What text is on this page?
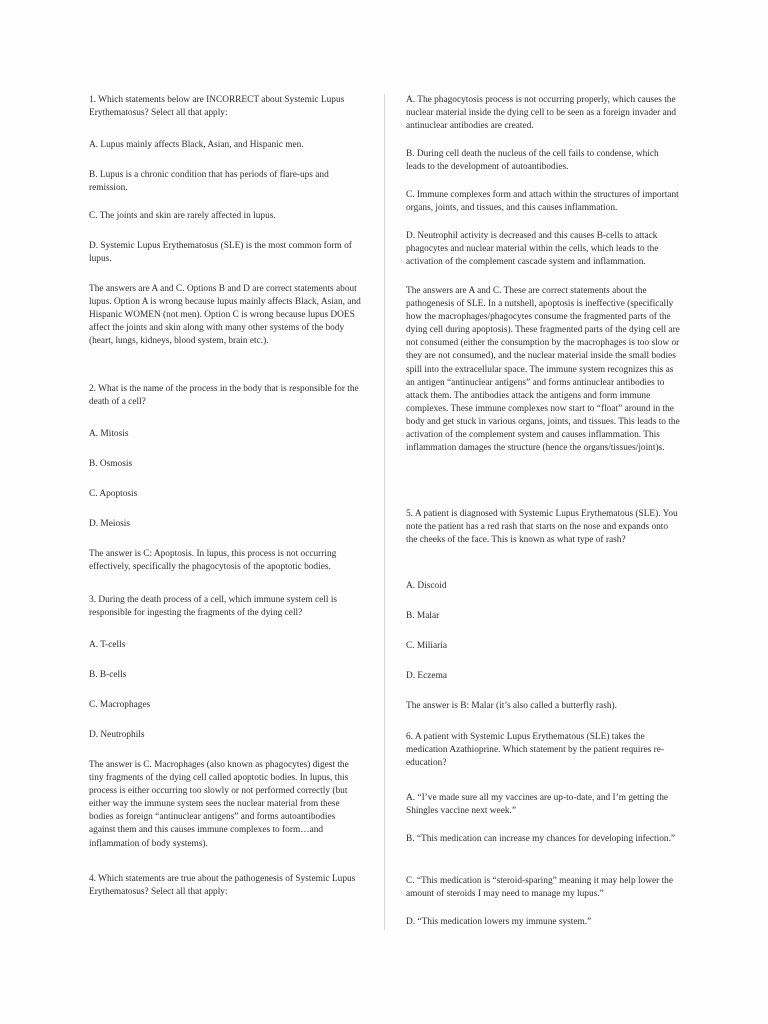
1. Which statements below are INCORRECT about Systemic Lupus Erythematosus? Select all that apply:

A. Lupus mainly affects Black, Asian, and Hispanic men.

B. Lupus is a chronic condition that has periods of flare-ups and remission.

C. The joints and skin are rarely affected in lupus.

D. Systemic Lupus Erythematosus (SLE) is the most common form of lupus.

The answers are A and C. Options B and D are correct statements about lupus. Option A is wrong because lupus mainly affects Black, Asian, and Hispanic WOMEN (not men). Option C is wrong because lupus DOES affect the joints and skin along with many other systems of the body (heart, lungs, kidneys, blood system, brain etc.).

2. What is the name of the process in the body that is responsible for the death of a cell?

A. Mitosis

B. Osmosis

C. Apoptosis

D. Meiosis

The answer is C: Apoptosis. In lupus, this process is not occurring effectively, specifically the phagocytosis of the apoptotic bodies.

3. During the death process of a cell, which immune system cell is responsible for ingesting the fragments of the dying cell?

A. T-cells

B. B-cells

C. Macrophages

D. Neutrophils

The answer is C. Macrophages (also known as phagocytes) digest the tiny fragments of the dying cell called apoptotic bodies. In lupus, this process is either occurring too slowly or not performed correctly (but either way the immune system sees the nuclear material from these bodies as foreign “antinuclear antigens” and forms autoantibodies against them and this causes immune complexes to form…and inflammation of body systems).

4. Which statements are true about the pathogenesis of Systemic Lupus Erythematosus? Select all that apply:

A. The phagocytosis process is not occurring properly, which causes the nuclear material inside the dying cell to be seen as a foreign invader and antinuclear antibodies are created.

B. During cell death the nucleus of the cell fails to condense, which leads to the development of autoantibodies.

C. Immune complexes form and attach within the structures of important organs, joints, and tissues, and this causes inflammation.

D. Neutrophil activity is decreased and this causes B-cells to attack phagocytes and nuclear material within the cells, which leads to the activation of the complement cascade system and inflammation.

The answers are A and C. These are correct statements about the pathogenesis of SLE. In a nutshell, apoptosis is ineffective (specifically how the macrophages/phagocytes consume the fragmented parts of the dying cell during apoptosis). These fragmented parts of the dying cell are not consumed (either the consumption by the macrophages is too slow or they are not consumed), and the nuclear material inside the small bodies spill into the extracellular space. The immune system recognizes this as an antigen “antinuclear antigens” and forms antinuclear antibodies to attack them. The antibodies attack the antigens and form immune complexes. These immune complexes now start to “float” around in the body and get stuck in various organs, joints, and tissues. This leads to the activation of the complement system and causes inflammation. This inflammation damages the structure (hence the organs/tissues/joint)s.

5. A patient is diagnosed with Systemic Lupus Erythematous (SLE). You note the patient has a red rash that starts on the nose and expands onto the cheeks of the face. This is known as what type of rash?

A. Discoid

B. Malar

C. Miliaria

D. Eczema

The answer is B: Malar (it’s also called a butterfly rash).

6. A patient with Systemic Lupus Erythematous (SLE) takes the medication Azathioprine. Which statement by the patient requires re-education?

A. “I’ve made sure all my vaccines are up-to-date, and I’m getting the Shingles vaccine next week.”

B. “This medication can increase my chances for developing infection.”

C. “This medication is “steroid-sparing” meaning it may help lower the amount of steroids I may need to manage my lupus.”

D. “This medication lowers my immune system.”
